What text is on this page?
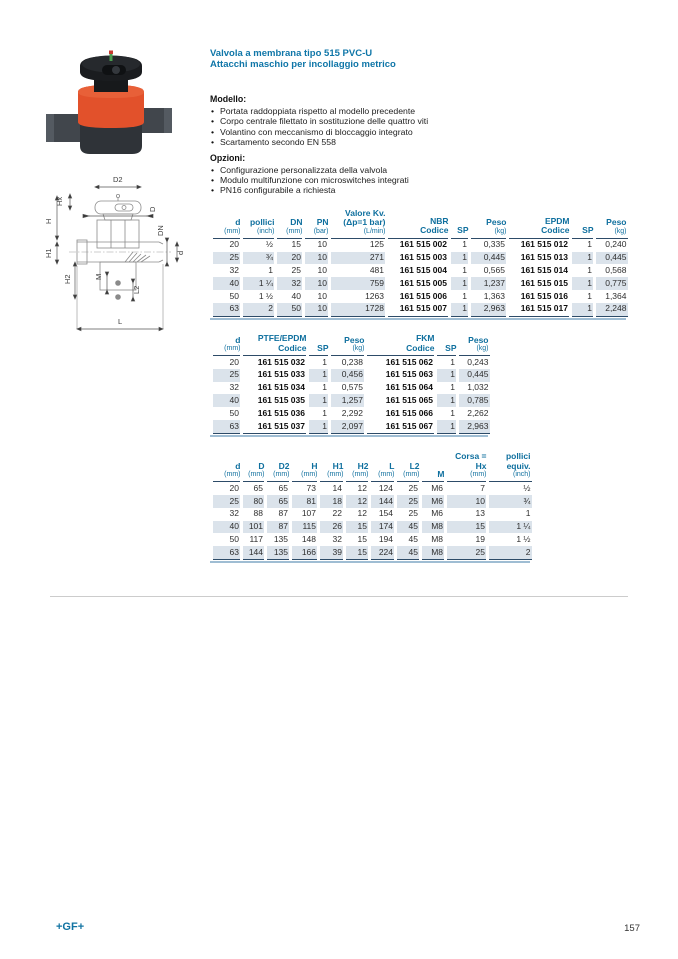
Hx
D2
D
H
H1
DN
d
H2	M
L2
L
Valvola a membrana tipo 515 PVC-U
Attacchi maschio per incollaggio metrico
Modello:
• Portata raddoppiata rispetto al modello precedente
• Corpo centrale filettato in sostituzione delle quattro viti
• Volantino con meccanismo di bloccaggio integrato
• Scartamento secondo EN 558
Opzioni:
• Configurazione personalizzata della valvola
• Modulo multifunzione con microswitches integrati
• PN16 configurabile a richiesta
d
(mm)

pollici
(inch)

DN
(mm)

PN
(bar)

Valore Kv.
(Δp=1 bar)
(L/min)

NBR
Codice	SP

Peso
(kg)

EPDM
Codice	SP

Peso
(kg)

20	½	15	10	125	161 515 002	1	0,335	161 515 012	1	0,240
25	¾	20	10	271	161 515 003	1	0,445	161 515 013	1	0,445
32	1	25	10	481	161 515 004	1	0,565	161 515 014	1	0,568
40	1 ¼	32	10	759	161 515 005	1	1,237	161 515 015	1	0,775
50	1 ½	40	10	1263	161 515 006	1	1,363	161 515 016	1	1,364
63	2	50	10	1728	161 515 007	1	2,963	161 515 017	1	2,248
d
(mm)

PTFE/EPDM
Codice	SP

Peso
(kg)

FKM
Codice	SP

Peso
(kg)

20	161 515 032	1	0,238	161 515 062	1	0,243
25	161 515 033	1	0,456	161 515 063	1	0,445
32	161 515 034	1	0,575	161 515 064	1	1,032
40	161 515 035	1	1,257	161 515 065	1	0,785
50	161 515 036	1	2,292	161 515 066	1	2,262
63	161 515 037	1	2,097	161 515 067	1	2,963
d
(mm)

D
(mm)

D2
(mm)

H
(mm)

H1
(mm)

H2
(mm)

L
(mm)

L2
(mm)	M

Corsa =
Hx
(mm)

pollici
equiv.
(inch)

20	65	65	73	14	12	124	25	M6	7	½
25	80	65	81	18	12	144	25	M6	10	¾
32	88	87	107	22	12	154	25	M6	13	1
40	101	87	115	26	15	174	45	M8	15	1 ¼
50	117	135	148	32	15	194	45	M8	19	1 ½
63	144	135	166	39	15	224	45	M8	25	2
+GF+	157
